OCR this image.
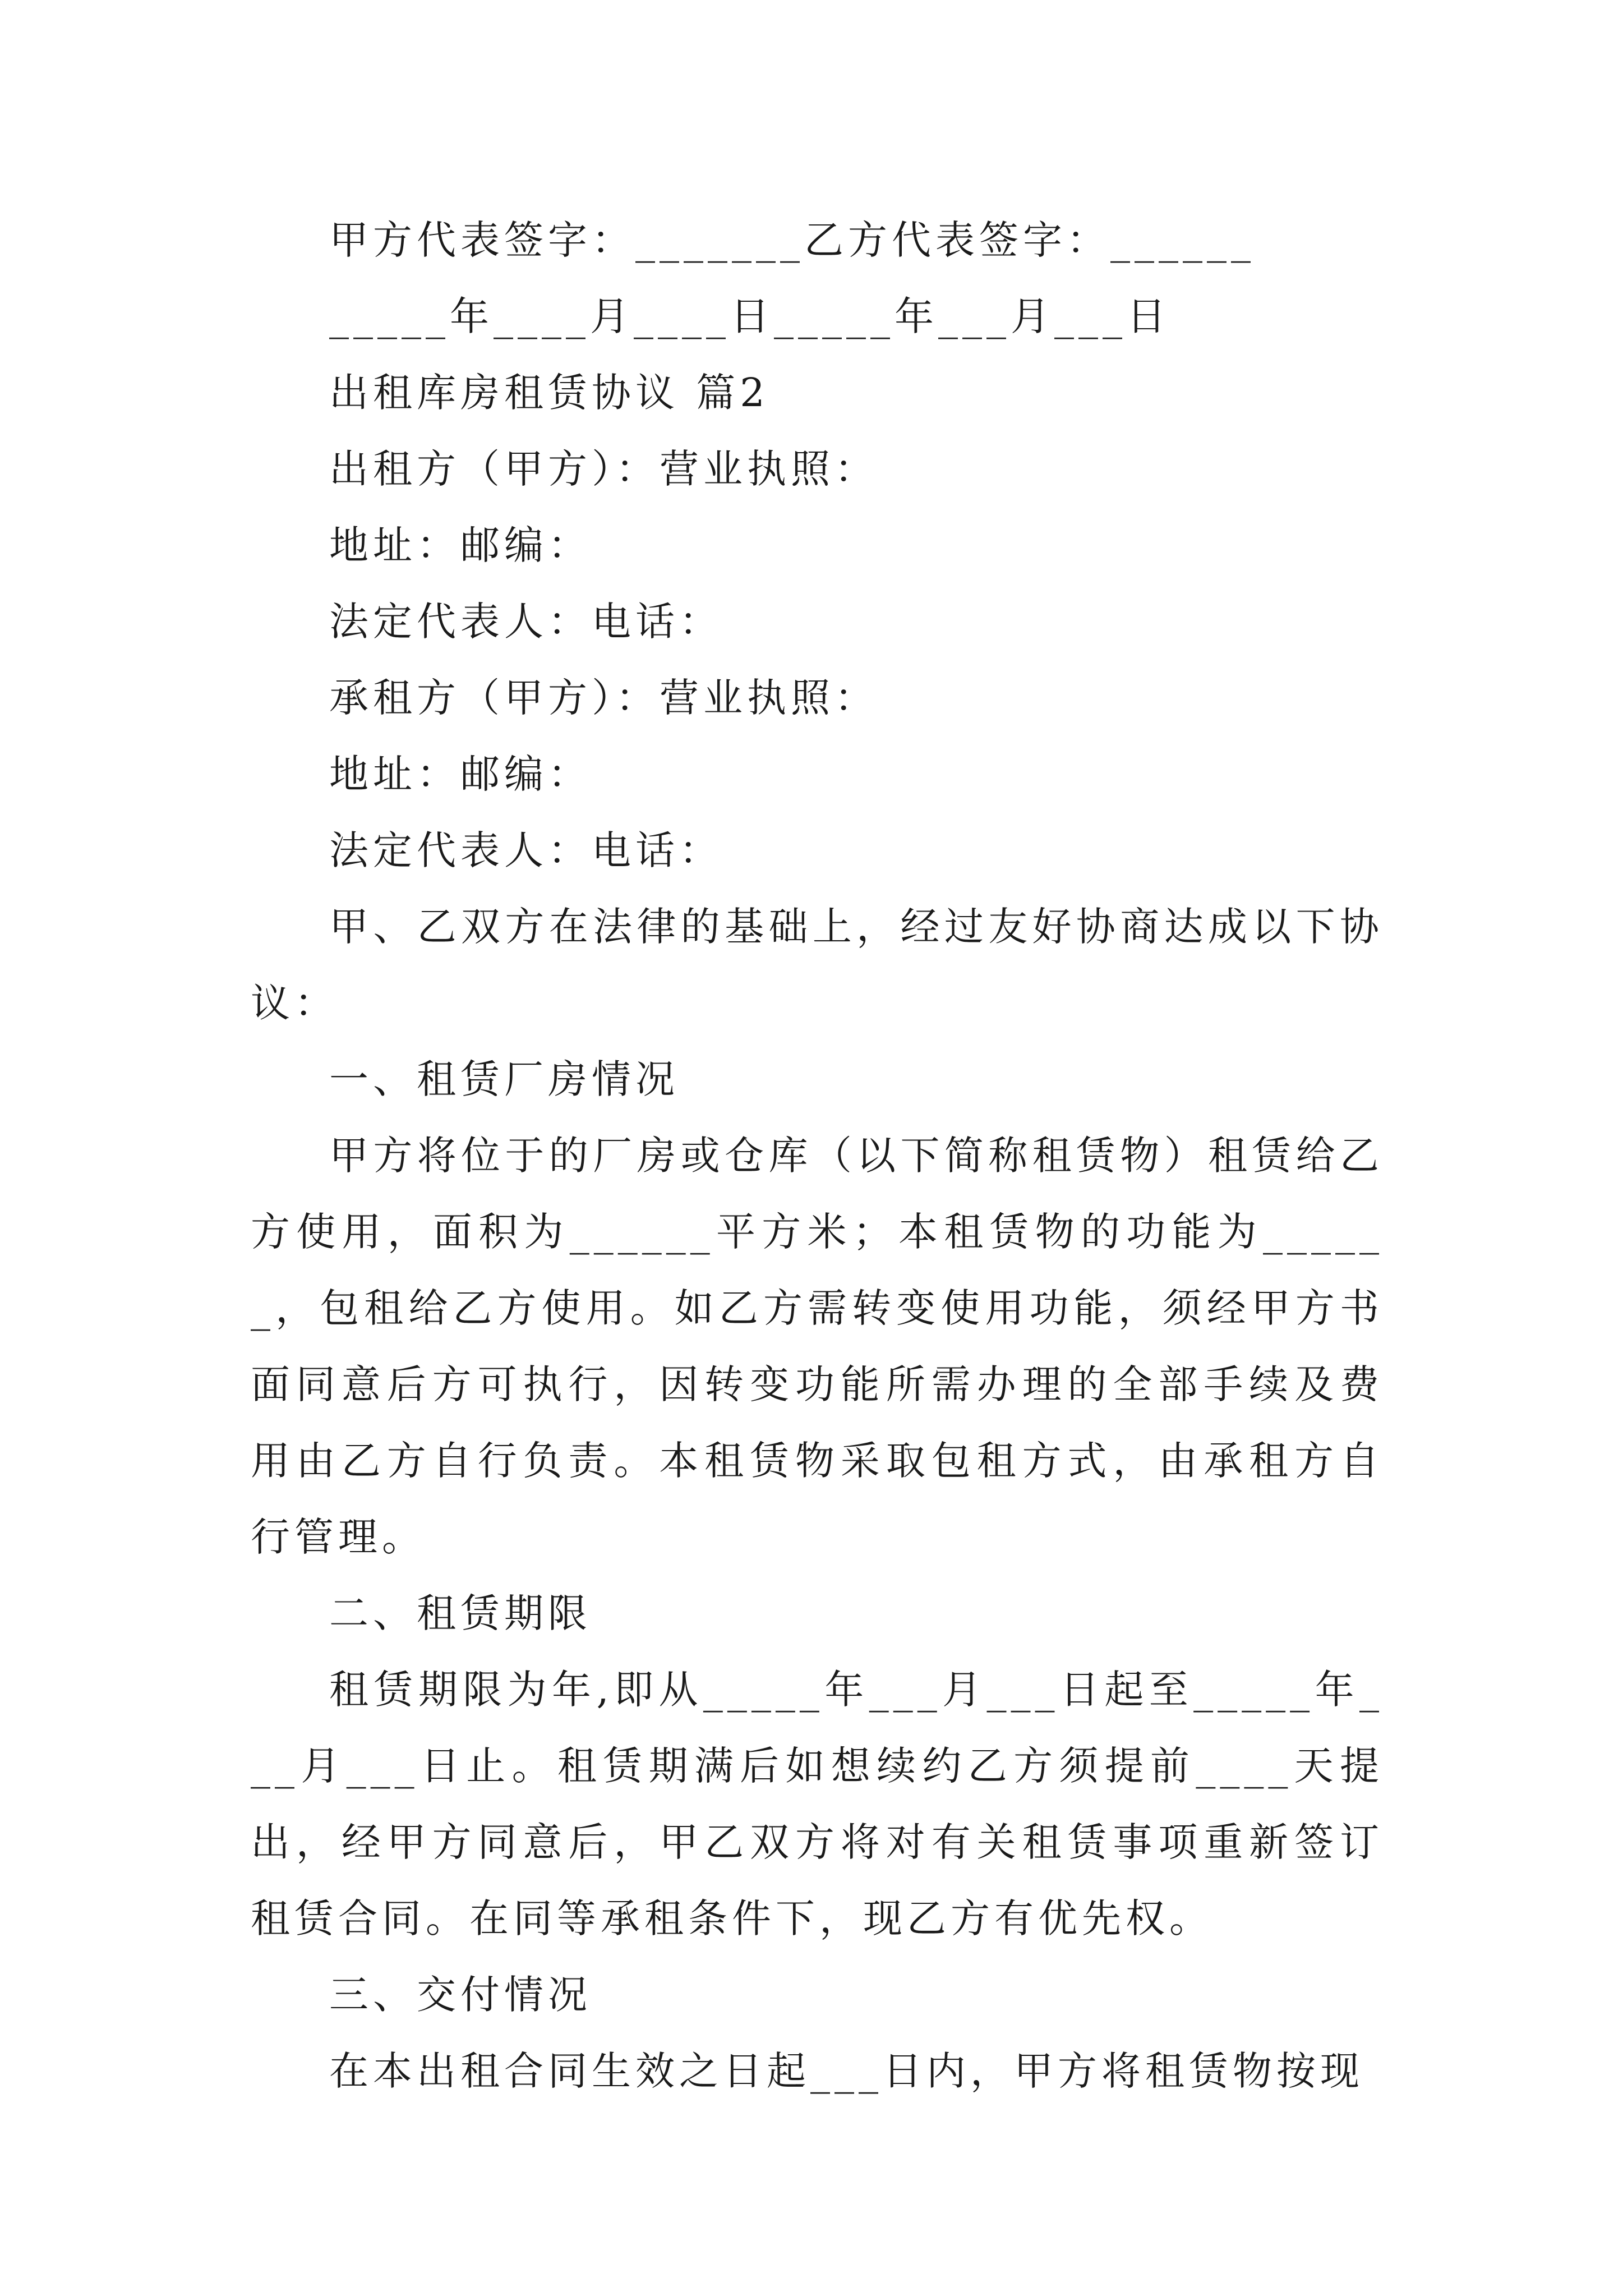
甲方代表签字：_______乙方代表签字：______

_____年____月____日_____年___月___日

出租库房租赁协议 篇2

出租方（甲方）：营业执照：

地址：邮编：

法定代表人：电话：

承租方（甲方）：营业执照：

地址：邮编：

法定代表人：电话：

甲、乙双方在法律的基础上，经过友好协商达成以下协议：

一、租赁厂房情况

甲方将位于的厂房或仓库（以下简称租赁物）租赁给乙方使用，面积为______平方米；本租赁物的功能为______，包租给乙方使用。如乙方需转变使用功能，须经甲方书面同意后方可执行，因转变功能所需办理的全部手续及费用由乙方自行负责。本租赁物采取包租方式，由承租方自行管理。

二、租赁期限

租赁期限为年,即从_____年___月___日起至_____年___月___日止。租赁期满后如想续约乙方须提前____天提出，经甲方同意后，甲乙双方将对有关租赁事项重新签订租赁合同。在同等承租条件下，现乙方有优先权。

三、交付情况

在本出租合同生效之日起___日内，甲方将租赁物按现
